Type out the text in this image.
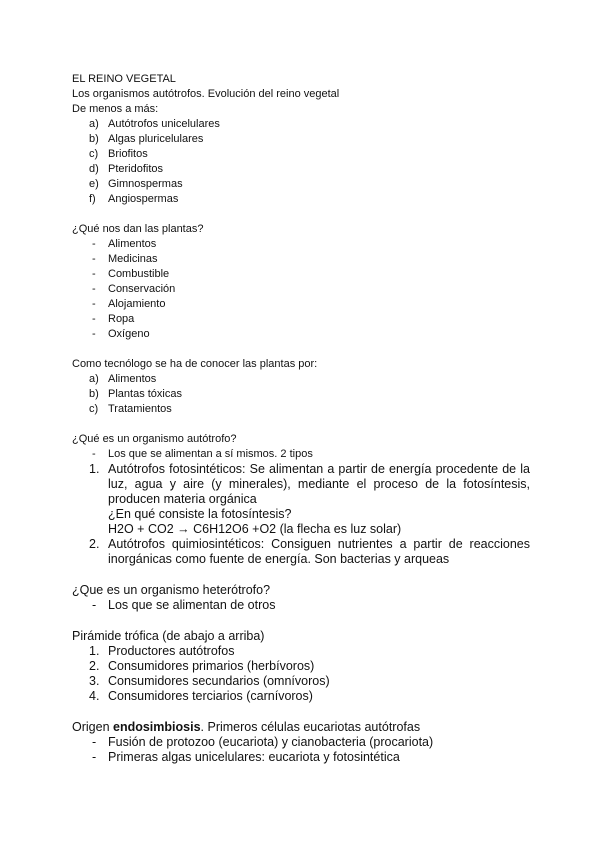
EL REINO VEGETAL
Los organismos autótrofos. Evolución del reino vegetal
De menos a más:
a) Autótrofos unicelulares
b) Algas pluricelulares
c) Briofitos
d) Pteridofitos
e) Gimnospermas
f)	Angiospermas
¿Qué nos dan las plantas?
-	Alimentos
-	Medicinas
-	Combustible
-	Conservación
-	Alojamiento
-	Ropa
-	Oxígeno
Como tecnólogo se ha de conocer las plantas por:
a) Alimentos
b) Plantas tóxicas
c) Tratamientos
¿Qué es un organismo autótrofo?
-	Los que se alimentan a sí mismos. 2 tipos
1. Autótrofos fotosintéticos: Se alimentan a partir de energía procedente de la luz, agua y aire (y minerales), mediante el proceso de la fotosíntesis, producen materia orgánica
¿En qué consiste la fotosíntesis?
H2O + CO2 → C6H12O6 +O2 (la flecha es luz solar)
2. Autótrofos quimiosintéticos: Consiguen nutrientes a partir de reacciones inorgánicas como fuente de energía. Son bacterias y arqueas
¿Que es un organismo heterótrofo?
- Los que se alimentan de otros
Pirámide trófica (de abajo a arriba)
1. Productores autótrofos
2. Consumidores primarios (herbívoros)
3. Consumidores secundarios (omnívoros)
4. Consumidores terciarios (carnívoros)
Origen endosimbiosis. Primeros células eucariotas autótrofas
- Fusión de protozoo (eucariota) y cianobacteria (procariota)
- Primeras algas unicelulares: eucariota y fotosintética
